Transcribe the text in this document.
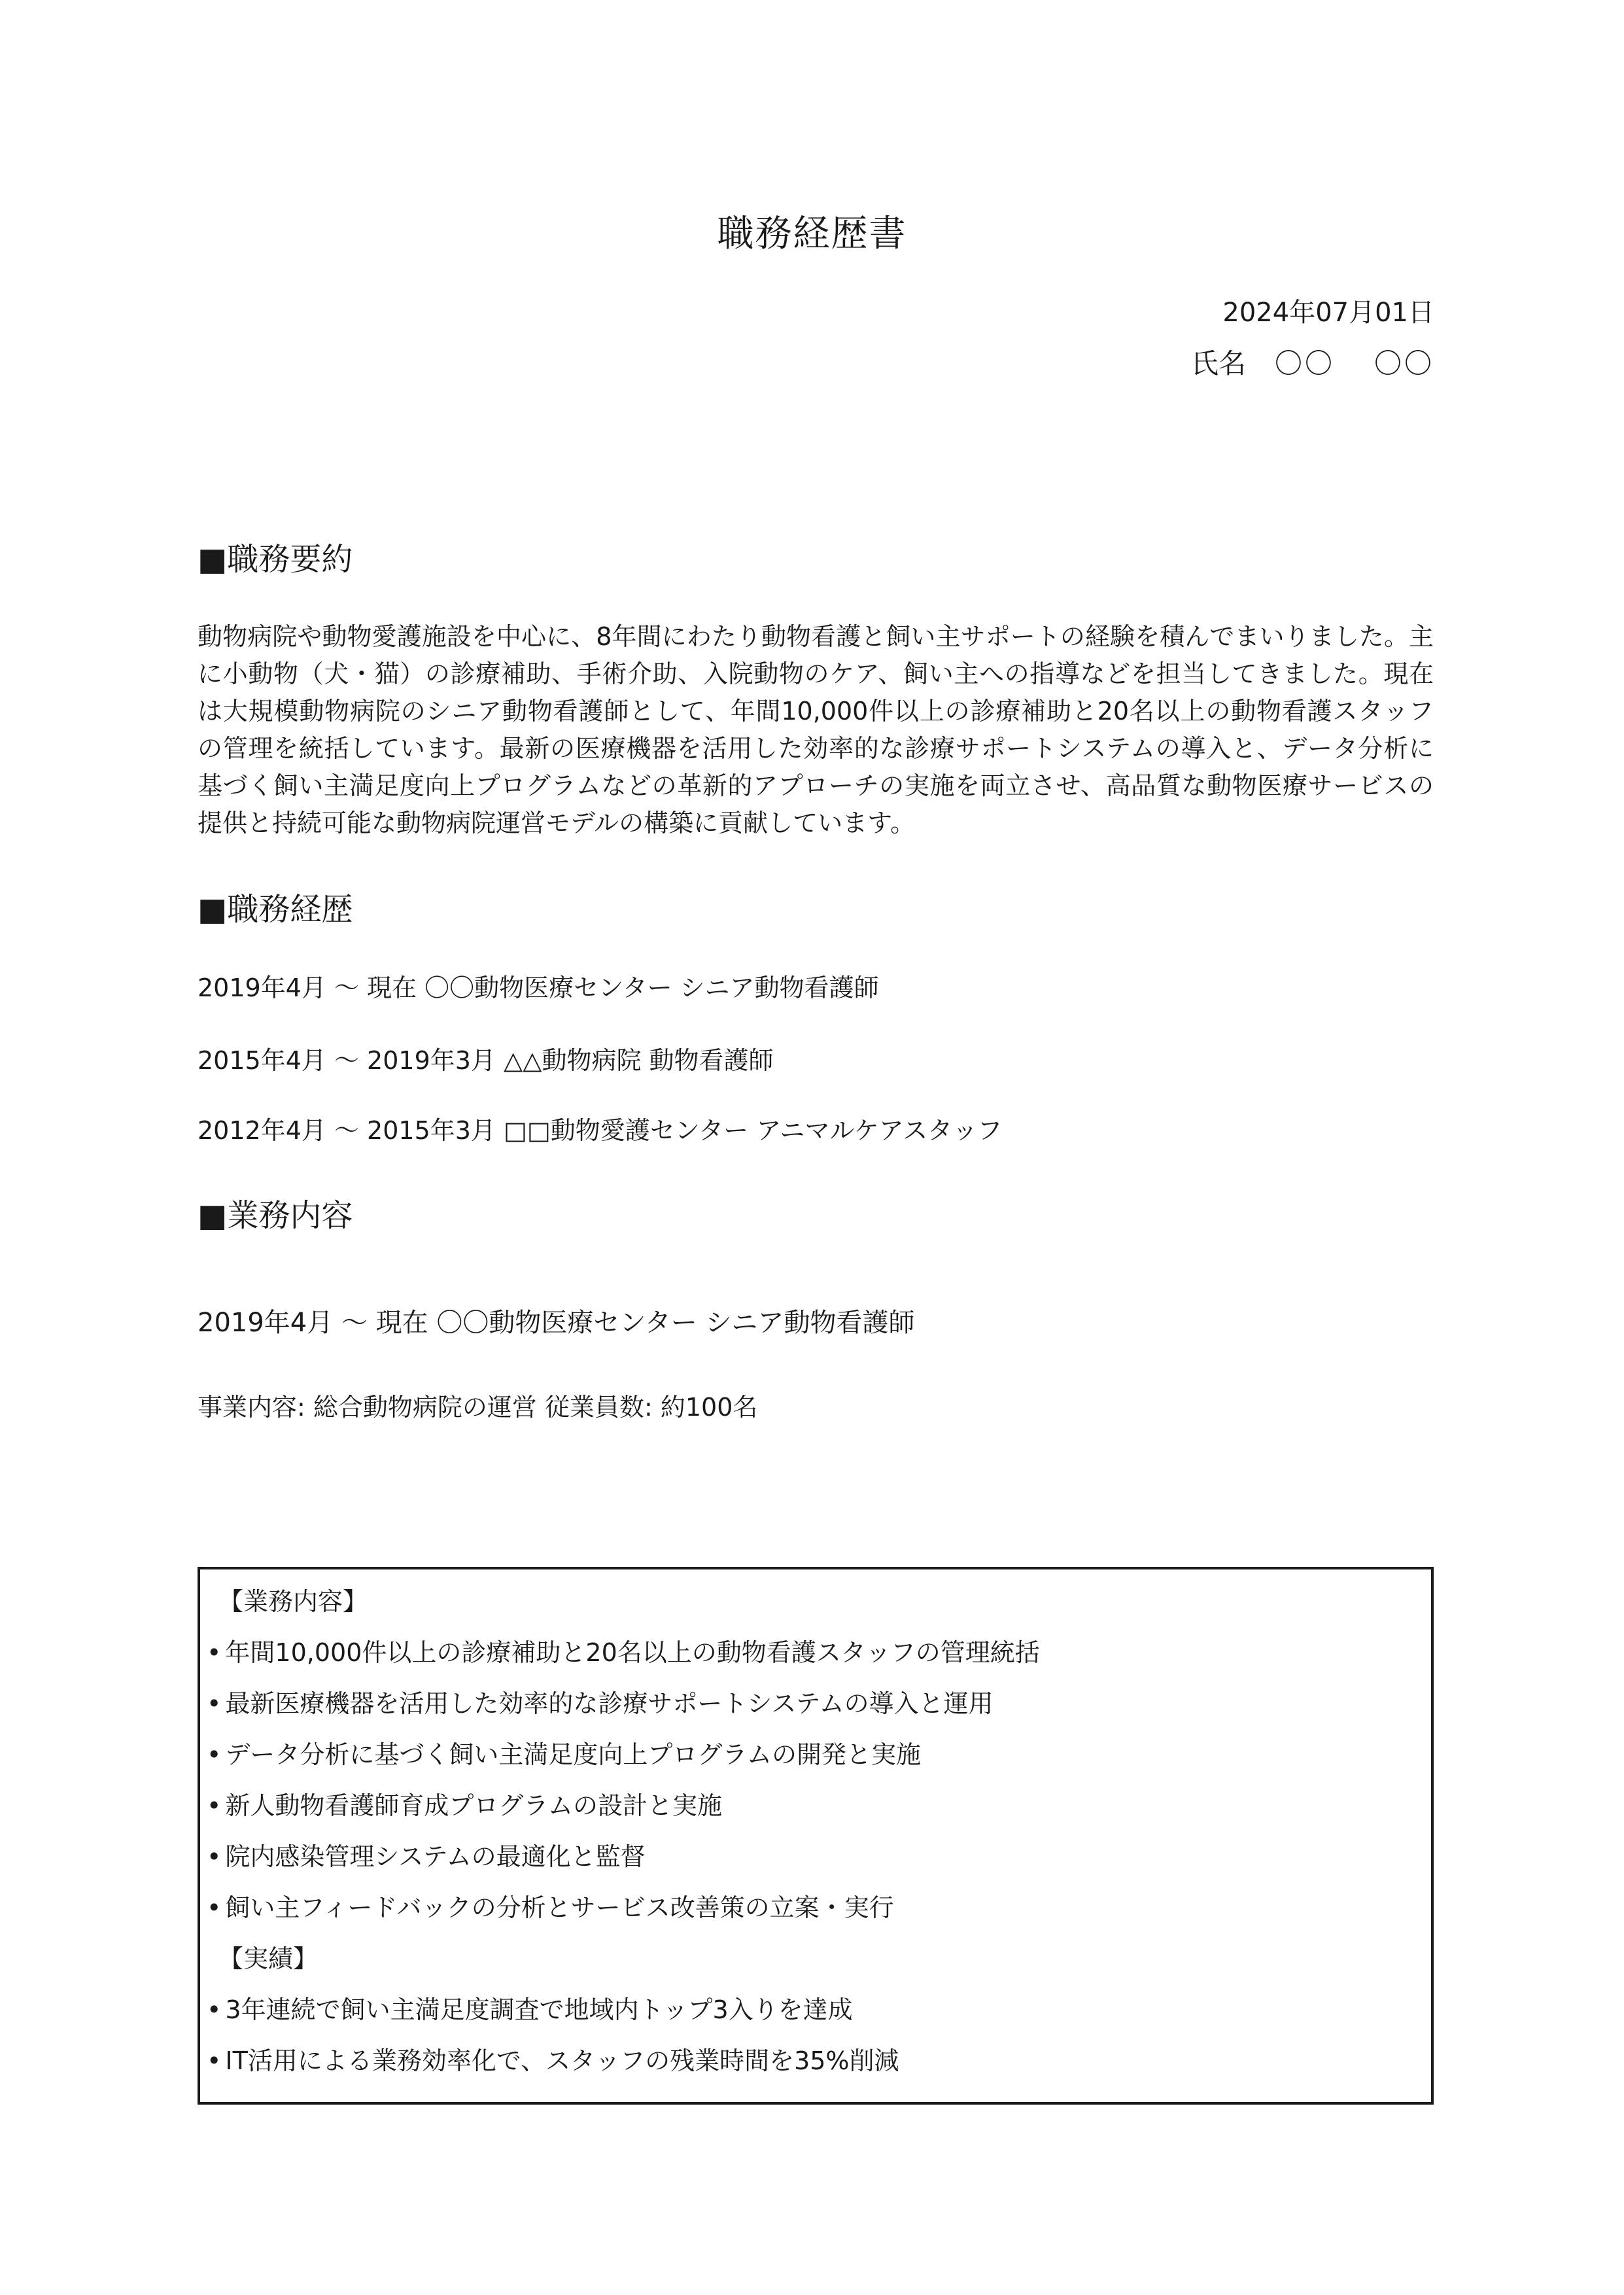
職務経歴書
2024年07月01日
氏名 〇〇 〇〇
■職務要約

動物病院や動物愛護施設を中心に、8年間にわたり動物看護と飼い主サポートの経験を積んでまいりました。主に小動物（犬・猫）の診療補助、手術介助、入院動物のケア、飼い主への指導などを担当してきました。現在は大規模動物病院のシニア動物看護師として、年間10,000件以上の診療補助と20名以上の動物看護スタッフの管理を統括しています。最新の医療機器を活用した効率的な診療サポートシステムの導入と、データ分析に基づく飼い主満足度向上プログラムなどの革新的アプローチの実施を両立させ、高品質な動物医療サービスの提供と持続可能な動物病院運営モデルの構築に貢献しています。

■職務経歴
2019年4月 ～ 現在 〇〇動物医療センター シニア動物看護師
2015年4月 ～ 2019年3月 △△動物病院 動物看護師
2012年4月 ～ 2015年3月 □□動物愛護センター アニマルケアスタッフ
■業務内容
2019年4月 ～ 現在 〇〇動物医療センター シニア動物看護師
事業内容: 総合動物病院の運営 従業員数: 約100名
【業務内容】
• 年間10,000件以上の診療補助と20名以上の動物看護スタッフの管理統括
• 最新医療機器を活用した効率的な診療サポートシステムの導入と運用
• データ分析に基づく飼い主満足度向上プログラムの開発と実施
• 新人動物看護師育成プログラムの設計と実施
• 院内感染管理システムの最適化と監督
• 飼い主フィードバックの分析とサービス改善策の立案・実行
【実績】
• 3年連続で飼い主満足度調査で地域内トップ3入りを達成
• IT活用による業務効率化で、スタッフの残業時間を35%削減
